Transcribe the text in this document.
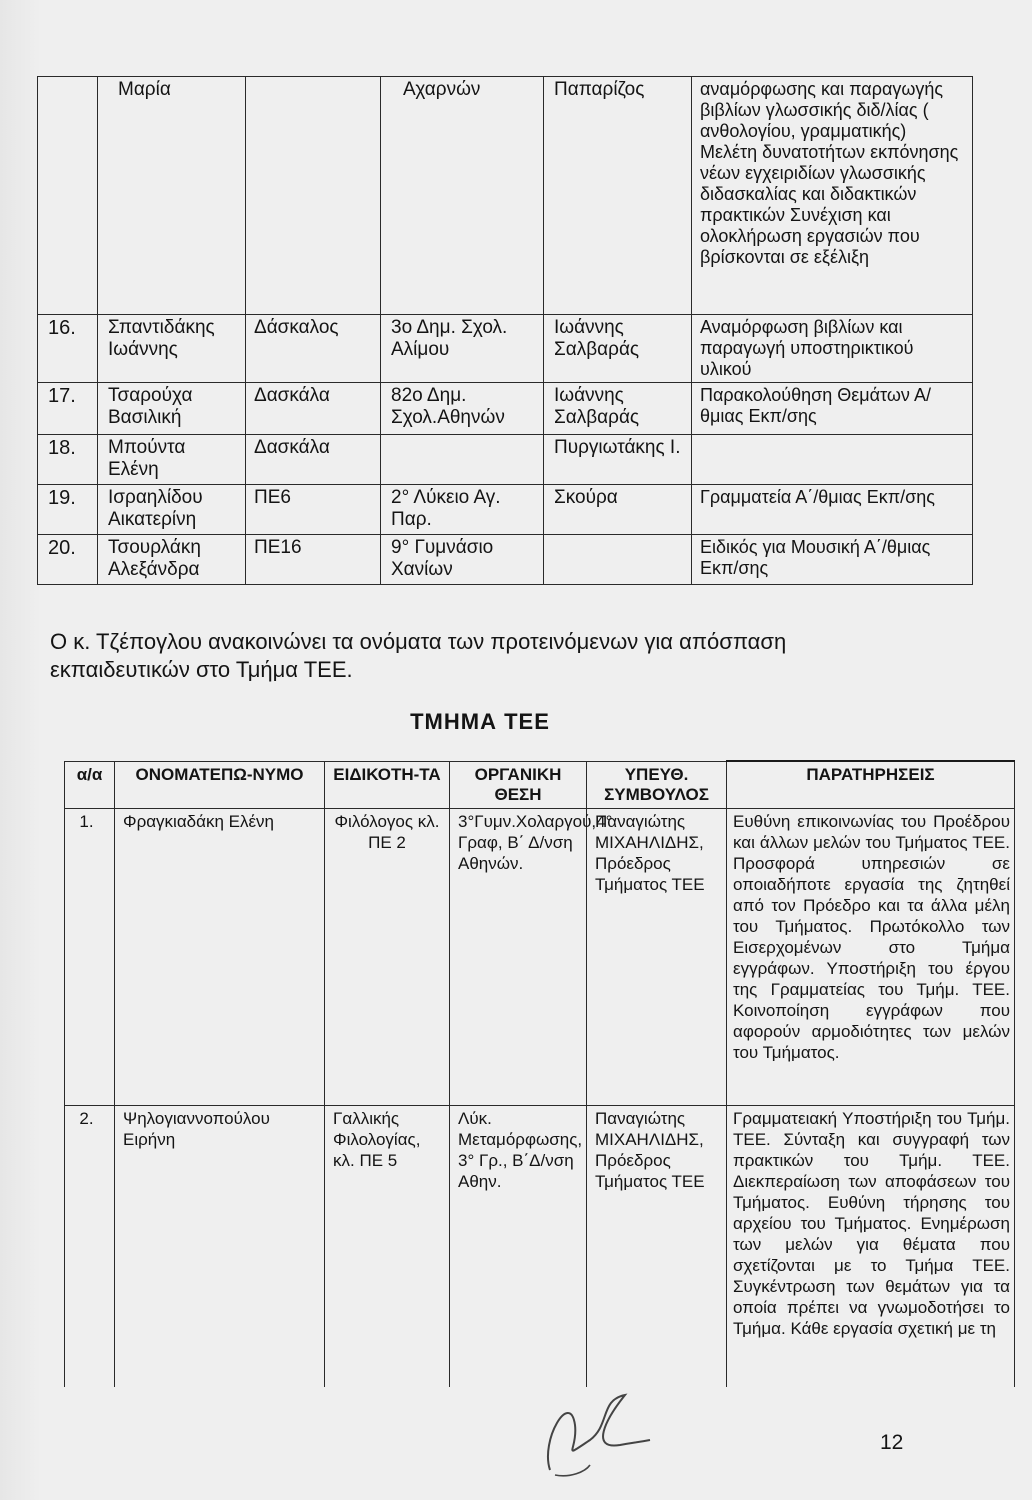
	Μαρία		Αχαρνών	Παπαρίζος	αναμόρφωσης και παραγωγής βιβλίων γλωσσικής διδ/λίας ( ανθολογίου, γραμματικής) Μελέτη δυνατοτήτων εκπόνησης νέων εγχειριδίων γλωσσικής διδασκαλίας και διδακτικών πρακτικών Συνέχιση και ολοκλήρωση εργασιών που βρίσκονται σε εξέλιξη
16.	Σπαντιδάκης Ιωάννης	Δάσκαλος	3ο Δημ. Σχολ. Αλίμου	Ιωάννης Σαλβαράς	Αναμόρφωση βιβλίων και παραγωγή υποστηρικτικού υλικού
17.	Τσαρούχα Βασιλική	Δασκάλα	82ο Δημ. Σχολ.Αθηνών	Ιωάννης Σαλβαράς	Παρακολούθηση Θεμάτων Α/θμιας Εκπ/σης
18.	Μπούντα Ελένη	Δασκάλα		Πυργιωτάκης Ι.	
19.	Ισραηλίδου Αικατερίνη	ΠΕ6	2° Λύκειο Αγ. Παρ.	Σκούρα	Γραμματεία Α΄/θμιας Εκπ/σης
20.	Τσουρλάκη Αλεξάνδρα	ΠΕ16	9° Γυμνάσιο Χανίων		Ειδικός για Μουσική Α΄/θμιας Εκπ/σης
Ο κ. Τζέπογλου ανακοινώνει τα ονόματα των προτεινόμενων για απόσπαση εκπαιδευτικών στο Τμήμα ΤΕΕ.
ΤΜΗΜΑ ΤΕΕ
α/α	ΟΝΟΜΑΤΕΠΩ-ΝΥΜΟ	ΕΙΔΙΚΟΤΗ-ΤΑ	ΟΡΓΑΝΙΚΗ ΘΕΣΗ	ΥΠΕΥΘ. ΣΥΜΒΟΥΛΟΣ	ΠΑΡΑΤΗΡΗΣΕΙΣ
1.	Φραγκιαδάκη Ελένη	Φιλόλογος κλ. ΠΕ 2	3°Γυμν.Χολαργού,4° Γραφ, Β΄ Δ/νση Αθηνών.	Παναγιώτης ΜΙΧΑΗΛΙΔΗΣ, Πρόεδρος Τμήματος ΤΕΕ	Ευθύνη επικοινωνίας του Προέδρου και άλλων μελών του Τμήματος ΤΕΕ. Προσφορά υπηρεσιών σε οποιαδήποτε εργασία της ζητηθεί από τον Πρόεδρο και τα άλλα μέλη του Τμήματος. Πρωτόκολλο των Εισερχομένων στο Τμήμα εγγράφων. Υποστήριξη του έργου της Γραμματείας του Τμήμ. ΤΕΕ. Κοινοποίηση εγγράφων που αφορούν αρμοδιότητες των μελών του Τμήματος.
2.	Ψηλογιαννοπούλου Ειρήνη	Γαλλικής Φιλολογίας, κλ. ΠΕ 5	Λύκ. Μεταμόρφωσης, 3° Γρ., Β΄Δ/νση Αθην.	Παναγιώτης ΜΙΧΑΗΛΙΔΗΣ, Πρόεδρος Τμήματος ΤΕΕ	Γραμματειακή Υποστήριξη του Τμήμ. ΤΕΕ. Σύνταξη και συγγραφή των πρακτικών του Τμήμ. ΤΕΕ. Διεκπεραίωση των αποφάσεων του Τμήματος. Ευθύνη τήρησης του αρχείου του Τμήματος. Ενημέρωση των μελών για θέματα που σχετίζονται με το Τμήμα ΤΕΕ. Συγκέντρωση των θεμάτων για τα οποία πρέπει να γνωμοδοτήσει το Τμήμα. Κάθε εργασία σχετική με τη
12
